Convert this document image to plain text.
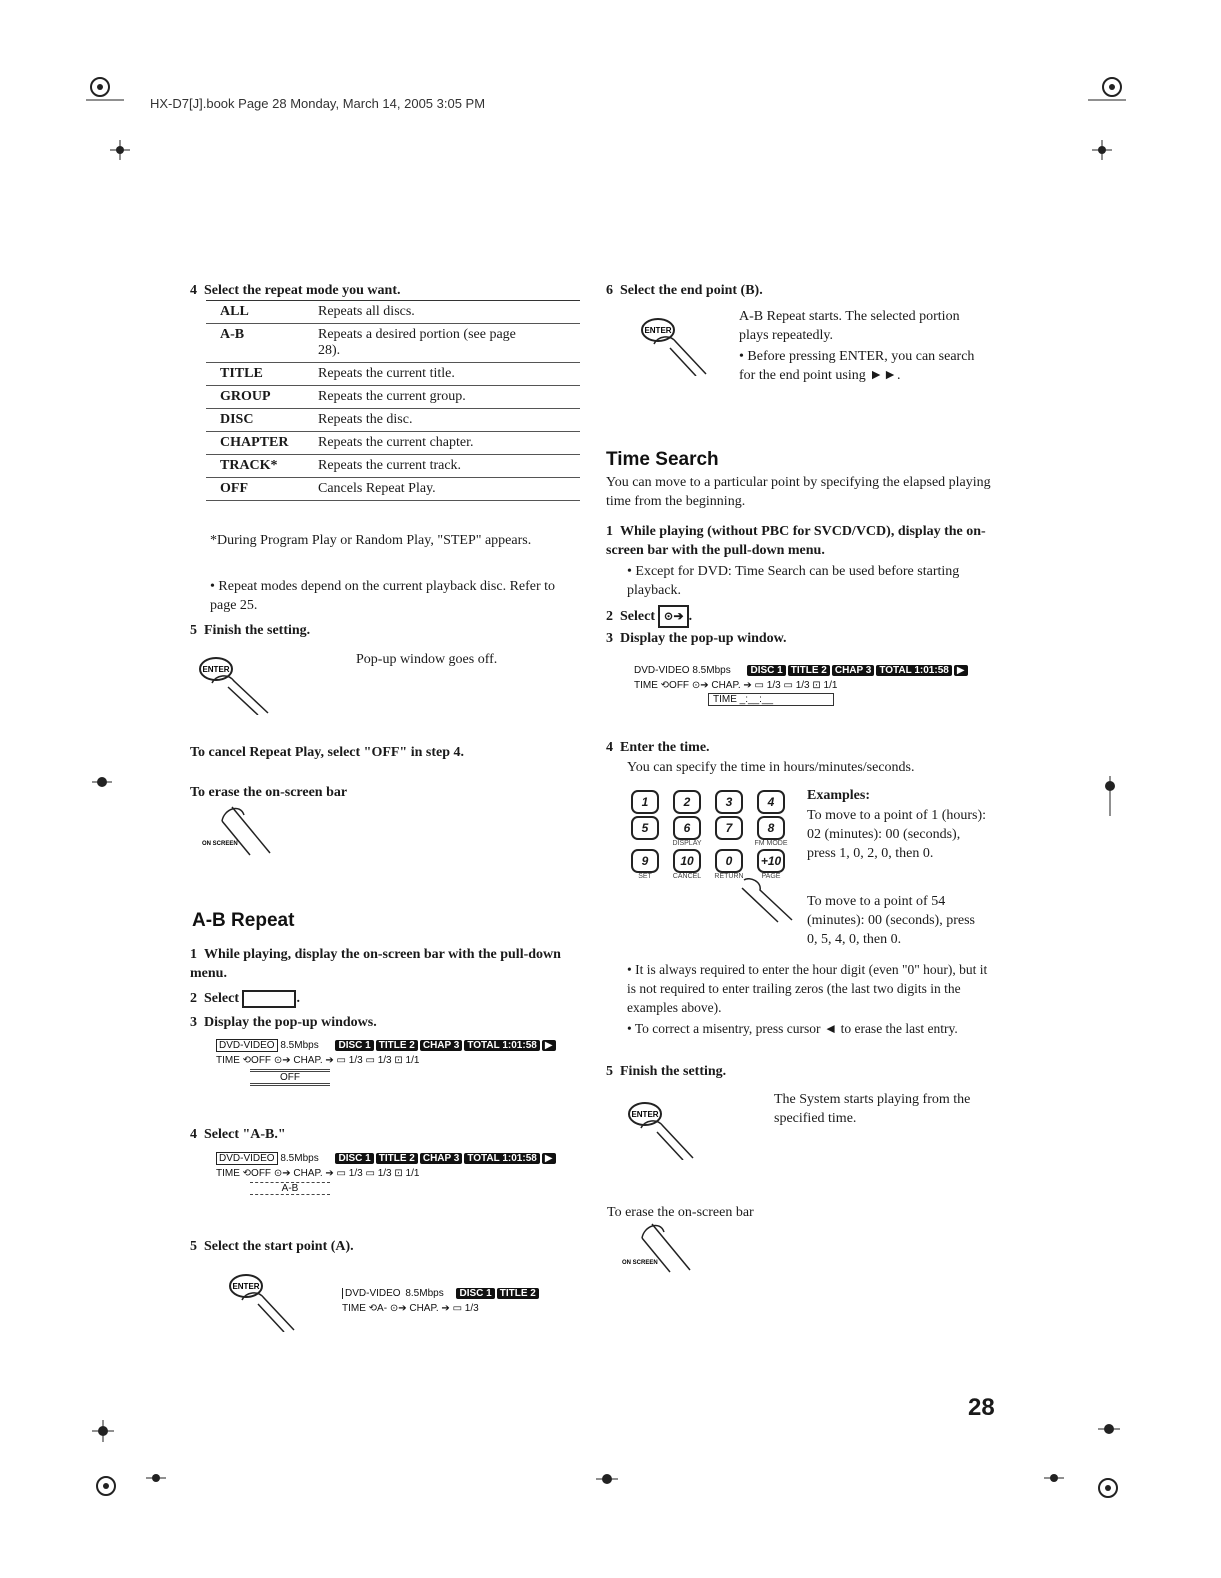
HX-D7[J].book Page 28 Monday, March 14, 2005 3:05 PM
4 Select the repeat mode you want.
ALL	Repeats all discs.
A-B	Repeats a desired portion (see page 28).
TITLE	Repeats the current title.
GROUP	Repeats the current group.
DISC	Repeats the disc.
CHAPTER	Repeats the current chapter.
TRACK*	Repeats the current track.
OFF	Cancels Repeat Play.
*During Program Play or Random Play, "STEP" appears.
• Repeat modes depend on the current playback disc. Refer to page 25.
5 Finish the setting.
ENTER
Pop-up window goes off.
To cancel Repeat Play, select "OFF" in step 4.
To erase the on-screen bar
ON SCREEN
A-B Repeat
1 While playing, display the on-screen bar with the pull-down menu.
2 Select	.
3 Display the pop-up windows.
DVD-VIDEO 8.5Mbps DISC 1 TITLE 2 CHAP 3 TOTAL 1:01:58 ▶
TIME ⟲OFF ⊙➔ CHAP. ➔ ▭ 1/3 ▭ 1/3 ⊡ 1/1
OFF
4 Select "A-B."
DVD-VIDEO 8.5Mbps DISC 1 TITLE 2 CHAP 3 TOTAL 1:01:58 ▶
TIME ⟲OFF ⊙➔ CHAP. ➔ ▭ 1/3 ▭ 1/3 ⊡ 1/1
A-B
5 Select the start point (A).
ENTER
DVD-VIDEO 8.5Mbps DISC 1 TITLE 2
TIME ⟲A- ⊙➔ CHAP. ➔ ▭ 1/3
6 Select the end point (B).
ENTER
A-B Repeat starts. The selected portion plays repeatedly.
• Before pressing ENTER, you can search for the end point using ►►.
Time Search
You can move to a particular point by specifying the elapsed playing time from the beginning.
1 While playing (without PBC for SVCD/VCD), display the on-screen bar with the pull-down menu.
• Except for DVD: Time Search can be used before starting playback.
2 Select ⊙➔ .
3 Display the pop-up window.
DVD-VIDEO 8.5Mbps DISC 1 TITLE 2 CHAP 3 TOTAL 1:01:58 ▶
TIME ⟲OFF ⊙➔ CHAP. ➔ ▭ 1/3 ▭ 1/3 ⊡ 1/1
TIME _:__:__
4 Enter the time.
You can specify the time in hours/minutes/seconds.
1	2	3	4
5	6
DISPLAY
7	8
FM MODE
9
SET
10
CANCEL
0
RETURN
+10
PAGE
Examples:
To move to a point of 1 (hours): 02 (minutes): 00 (seconds), press 1, 0, 2, 0, then 0.
To move to a point of 54 (minutes): 00 (seconds), press 0, 5, 4, 0, then 0.
• It is always required to enter the hour digit (even "0" hour), but it is not required to enter trailing zeros (the last two digits in the examples above).
• To correct a misentry, press cursor ◄ to erase the last entry.
5 Finish the setting.
ENTER
The System starts playing from the specified time.
To erase the on-screen bar
ON SCREEN
28
